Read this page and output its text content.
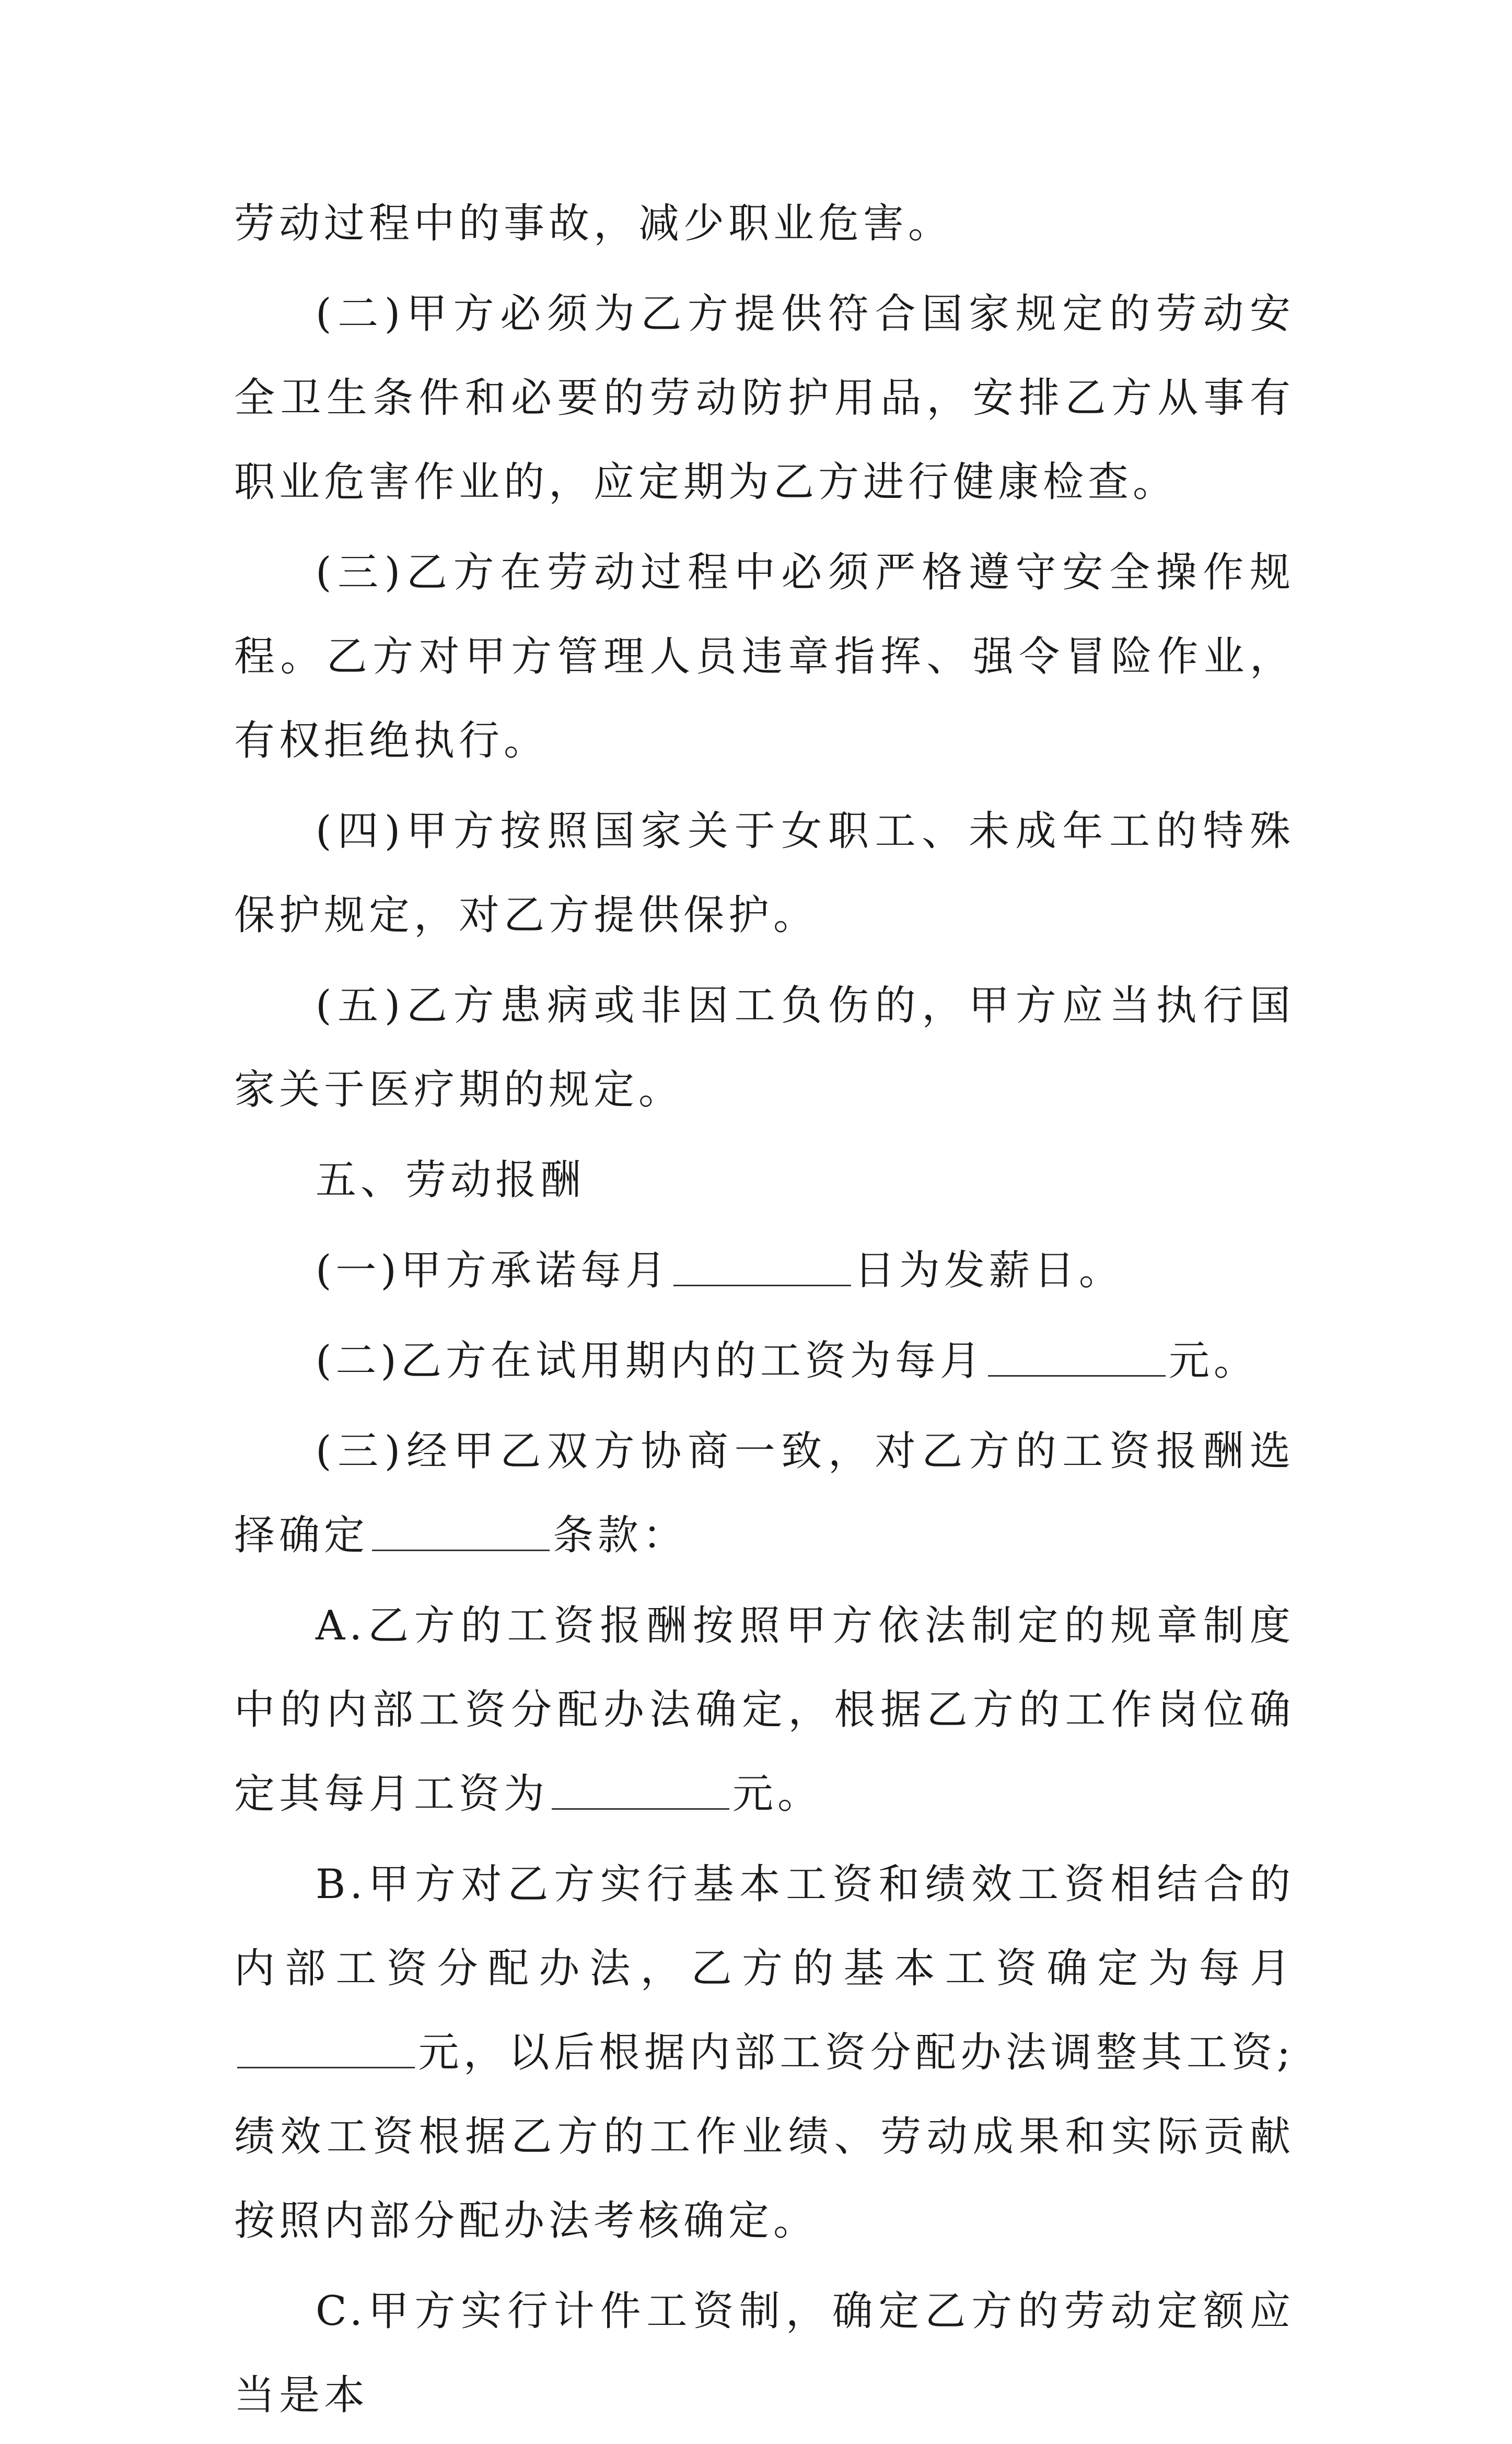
劳动过程中的事故，减少职业危害。

(二)甲方必须为乙方提供符合国家规定的劳动安全卫生条件和必要的劳动防护用品，安排乙方从事有职业危害作业的，应定期为乙方进行健康检查。

(三)乙方在劳动过程中必须严格遵守安全操作规程。乙方对甲方管理人员违章指挥、强令冒险作业，有权拒绝执行。

(四)甲方按照国家关于女职工、未成年工的特殊保护规定，对乙方提供保护。

(五)乙方患病或非因工负伤的，甲方应当执行国家关于医疗期的规定。

五、劳动报酬

(一)甲方承诺每月	日为发薪日。

(二)乙方在试用期内的工资为每月	元。

(三)经甲乙双方协商一致，对乙方的工资报酬选择确定	条款：

A.乙方的工资报酬按照甲方依法制定的规章制度中的内部工资分配办法确定，根据乙方的工作岗位确定其每月工资为	元。

B.甲方对乙方实行基本工资和绩效工资相结合的内部工资分配办法，乙方的基本工资确定为每月元，以后根据内部工资分配办法调整其工资;绩效工资根据乙方的工作业绩、劳动成果和实际贡献按照内部分配办法考核确定。

C.甲方实行计件工资制，确定乙方的劳动定额应当是本
